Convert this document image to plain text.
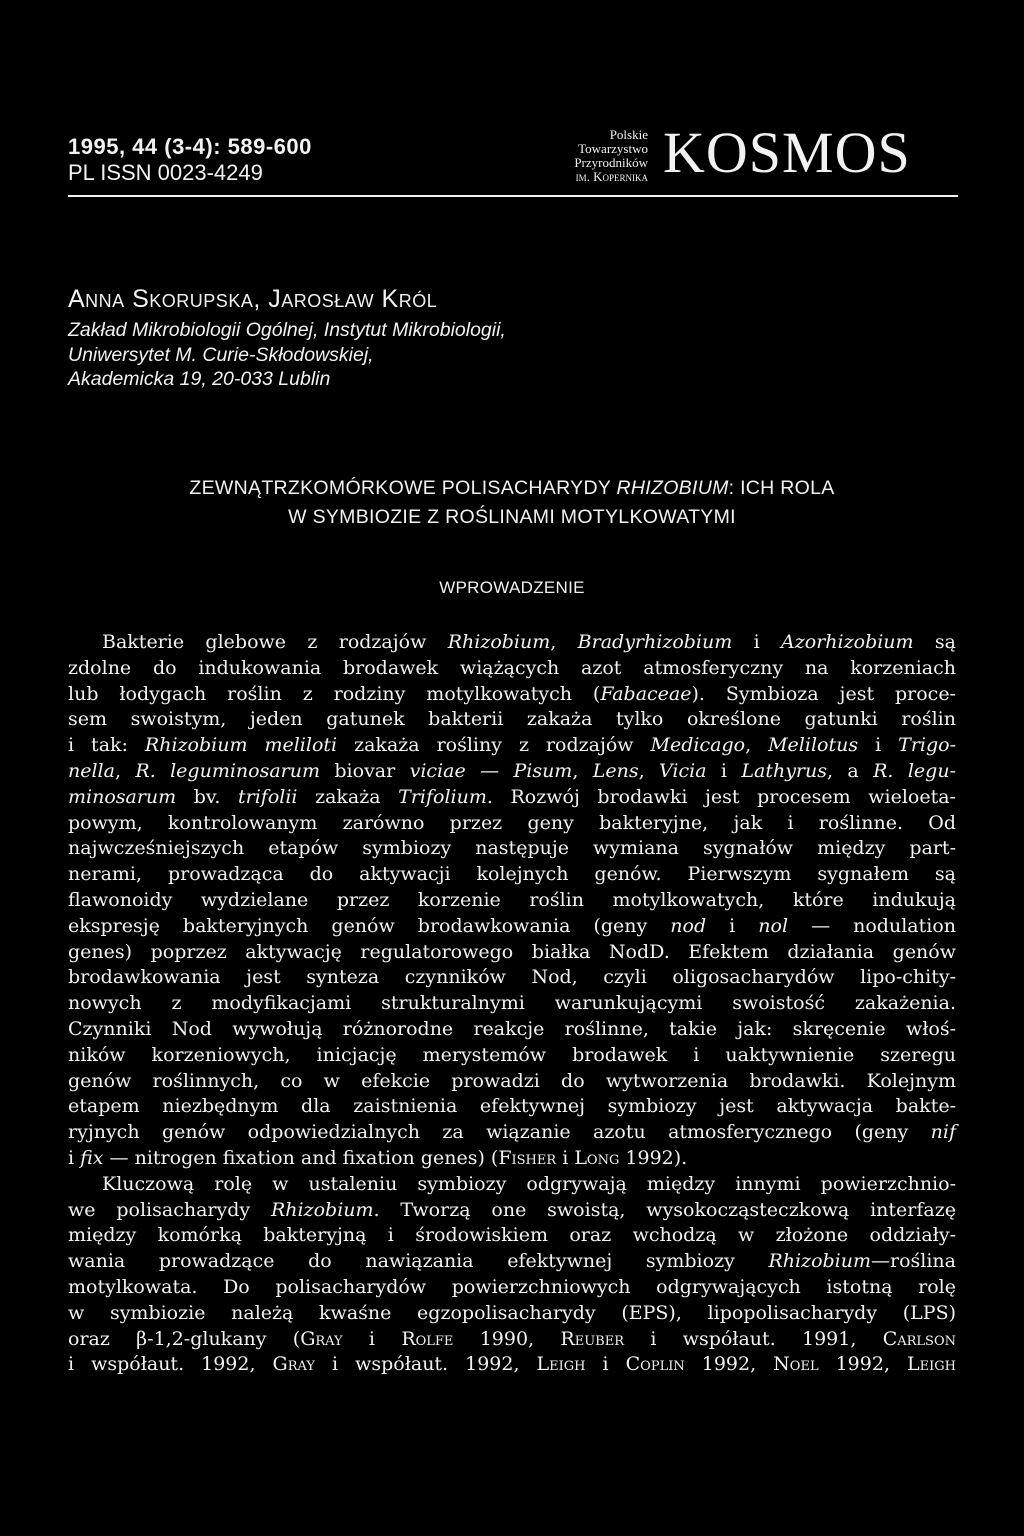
1995, 44 (3-4): 589-600
PL ISSN 0023-4249
Polskie
Towarzystwo
Przyrodników
im. Kopernika KOSMOS
Anna Skorupska, Jarosław Król
Zakład Mikrobiologii Ogólnej, Instytut Mikrobiologii,
Uniwersytet M. Curie-Skłodowskiej,
Akademicka 19, 20-033 Lublin
ZEWNĄTRZKOMÓRKOWE POLISACHARYDY RHIZOBIUM: ICH ROLA
W SYMBIOZIE Z ROŚLINAMI MOTYLKOWATYMI
WPROWADZENIE
Bakterie glebowe z rodzajów Rhizobium, Bradyrhizobium i Azorhizobium są
zdolne do indukowania brodawek wiążących azot atmosferyczny na korzeniach
lub łodygach roślin z rodziny motylkowatych (Fabaceae). Symbioza jest proce-
sem swoistym, jeden gatunek bakterii zakaża tylko określone gatunki roślin
i tak: Rhizobium meliloti zakaża rośliny z rodzajów Medicago, Melilotus i Trigo-
nella, R. leguminosarum biovar viciae — Pisum, Lens, Vicia i Lathyrus, a R. legu-
minosarum bv. trifolii zakaża Trifolium. Rozwój brodawki jest procesem wieloeta-
powym, kontrolowanym zarówno przez geny bakteryjne, jak i roślinne. Od
najwcześniejszych etapów symbiozy następuje wymiana sygnałów między part-
nerami, prowadząca do aktywacji kolejnych genów. Pierwszym sygnałem są
flawonoidy wydzielane przez korzenie roślin motylkowatych, które indukują
ekspresję bakteryjnych genów brodawkowania (geny nod i nol — nodulation
genes) poprzez aktywację regulatorowego białka NodD. Efektem działania genów
brodawkowania jest synteza czynników Nod, czyli oligosacharydów lipo-chity-
nowych z modyfikacjami strukturalnymi warunkującymi swoistość zakażenia.
Czynniki Nod wywołują różnorodne reakcje roślinne, takie jak: skręcenie włoś-
ników korzeniowych, inicjację merystemów brodawek i uaktywnienie szeregu
genów roślinnych, co w efekcie prowadzi do wytworzenia brodawki. Kolejnym
etapem niezbędnym dla zaistnienia efektywnej symbiozy jest aktywacja bakte-
ryjnych genów odpowiedzialnych za wiązanie azotu atmosferycznego (geny nif
i fix — nitrogen fixation and fixation genes) (Fisher i Long 1992).
Kluczową rolę w ustaleniu symbiozy odgrywają między innymi powierzchnio-
we polisacharydy Rhizobium. Tworzą one swoistą, wysokocząsteczkową interfazę
między komórką bakteryjną i środowiskiem oraz wchodzą w złożone oddziały-
wania prowadzące do nawiązania efektywnej symbiozy Rhizobium—roślina
motylkowata. Do polisacharydów powierzchniowych odgrywających istotną rolę
w symbiozie należą kwaśne egzopolisacharydy (EPS), lipopolisacharydy (LPS)
oraz β-1,2-glukany (Gray i Rolfe 1990, Reuber i współaut. 1991, Carlson
i współaut. 1992, Gray i współaut. 1992, Leigh i Coplin 1992, Noel 1992, Leigh
